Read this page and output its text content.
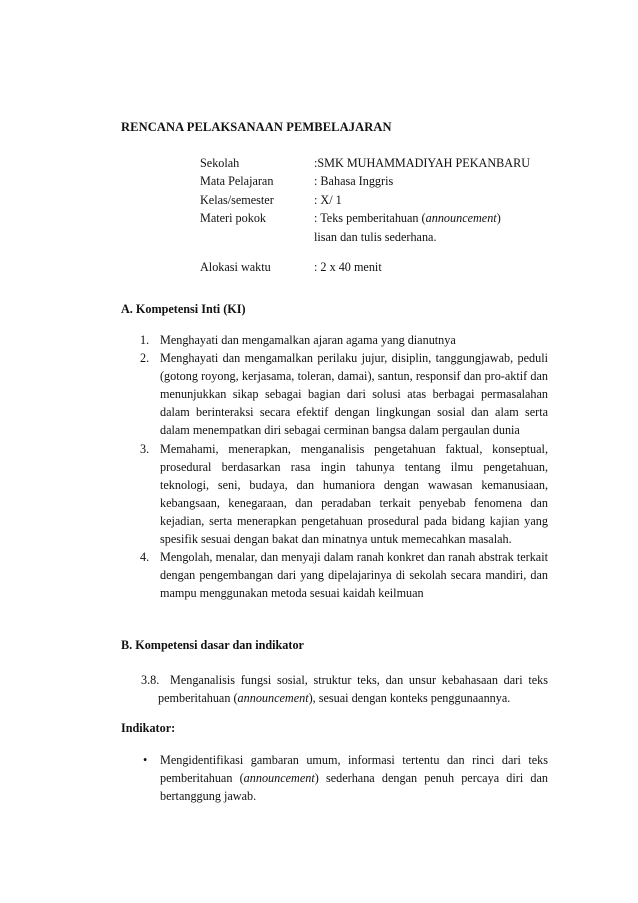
RENCANA PELAKSANAAN PEMBELAJARAN
Sekolah	:SMK MUHAMMADIYAH PEKANBARU
Mata Pelajaran	: Bahasa Inggris
Kelas/semester	: X/ 1
Materi pokok	: Teks pemberitahuan (announcement)
lisan dan tulis sederhana.
Alokasi waktu	: 2 x 40 menit
A. Kompetensi Inti (KI)
1. Menghayati dan mengamalkan ajaran agama yang dianutnya
2. Menghayati dan mengamalkan perilaku jujur, disiplin, tanggungjawab, peduli (gotong royong, kerjasama, toleran, damai), santun, responsif dan pro-aktif dan menunjukkan sikap sebagai bagian dari solusi atas berbagai permasalahan dalam berinteraksi secara efektif dengan lingkungan sosial dan alam serta dalam menempatkan diri sebagai cerminan bangsa dalam pergaulan dunia
3. Memahami, menerapkan, menganalisis pengetahuan faktual, konseptual, prosedural berdasarkan rasa ingin tahunya tentang ilmu pengetahuan, teknologi, seni, budaya, dan humaniora dengan wawasan kemanusiaan, kebangsaan, kenegaraan, dan peradaban terkait penyebab fenomena dan kejadian, serta menerapkan pengetahuan prosedural pada bidang kajian yang spesifik sesuai dengan bakat dan minatnya untuk memecahkan masalah.
4. Mengolah, menalar, dan menyaji dalam ranah konkret dan ranah abstrak terkait dengan pengembangan dari yang dipelajarinya di sekolah secara mandiri, dan mampu menggunakan metoda sesuai kaidah keilmuan
B. Kompetensi dasar dan indikator
3.8. Menganalisis fungsi sosial, struktur teks, dan unsur kebahasaan dari teks pemberitahuan (announcement), sesuai dengan konteks penggunaannya.
Indikator:
•	Mengidentifikasi gambaran umum, informasi tertentu dan rinci dari teks pemberitahuan (announcement) sederhana dengan penuh percaya diri dan bertanggung jawab.
